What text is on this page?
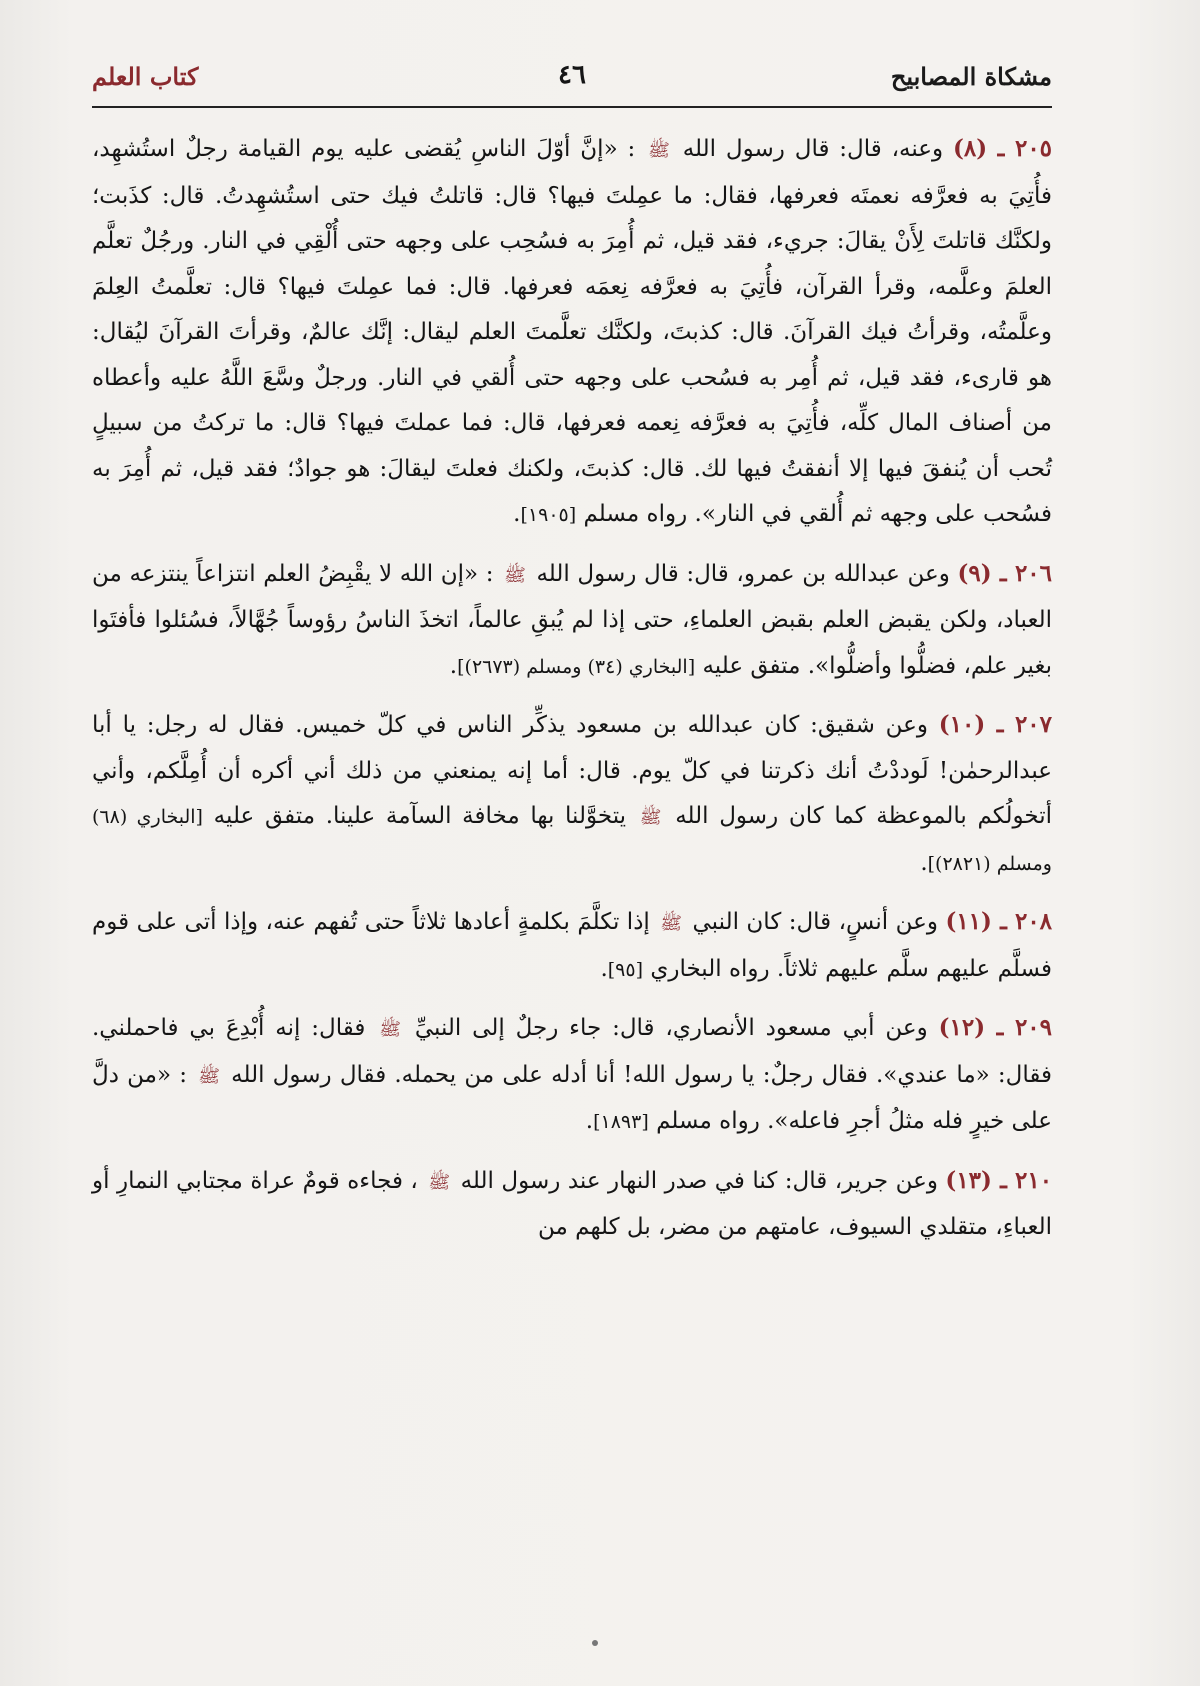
مشكاة المصابيح
٤٦
كتاب العلم

٢٠٥ ـ (٨) وعنه، قال: قال رسول الله ﷺ : «إنَّ أوّلَ الناسِ يُقضى عليه يوم القيامة رجلٌ استُشهِد، فأُتِيَ به فعرَّفه نعمتَه فعرفها، فقال: ما عمِلتَ فيها؟ قال: قاتلتُ فيك حتى استُشهِدتُ. قال: كذَبت؛ ولكنَّك قاتلتَ لِأَنْ يقالَ: جريء، فقد قيل، ثم أُمِرَ به فسُحِب على وجهه حتى أُلْقِي في النار. ورجُلٌ تعلَّم العلمَ وعلَّمه، وقرأ القرآن، فأُتِيَ به فعرَّفه نِعمَه فعرفها. قال: فما عمِلتَ فيها؟ قال: تعلَّمتُ العِلمَ وعلَّمتُه، وقرأتُ فيك القرآنَ. قال: كذبتَ، ولكنَّك تعلَّمتَ العلم ليقال: إنَّك عالمٌ، وقرأتَ القرآنَ ليُقال: هو قارىء، فقد قيل، ثم أُمِر به فسُحب على وجهه حتى أُلقي في النار. ورجلٌ وسَّعَ اللَّهُ عليه وأعطاه من أصناف المال كلِّه، فأُتِيَ به فعرَّفه نِعمه فعرفها، قال: فما عملتَ فيها؟ قال: ما تركتُ من سبيلٍ تُحب أن يُنفقَ فيها إلا أنفقتُ فيها لك. قال: كذبتَ، ولكنك فعلتَ ليقالَ: هو جوادٌ؛ فقد قيل، ثم أُمِرَ به فسُحب على وجهه ثم أُلقي في النار». رواه مسلم [١٩٠٥].

٢٠٦ ـ (٩) وعن عبدالله بن عمرو، قال: قال رسول الله ﷺ : «إن الله لا يقْبِضُ العلم انتزاعاً ينتزعه من العباد، ولكن يقبض العلم بقبض العلماءِ، حتى إذا لم يُبقِ عالماً، اتخذَ الناسُ رؤوساً جُهَّالاً، فسُئلوا فأفتَوا بغير علم، فضلُّوا وأضلُّوا». متفق عليه [البخاري (٣٤) ومسلم (٢٦٧٣)].

٢٠٧ ـ (١٠) وعن شقيق: كان عبدالله بن مسعود يذكِّر الناس في كلّ خميس. فقال له رجل: يا أبا عبدالرحمٰن! لَوددْتُ أنك ذكرتنا في كلّ يوم. قال: أما إنه يمنعني من ذلك أني أكره أن أُمِلَّكم، وأني أتخولُكم بالموعظة كما كان رسول الله ﷺ يتخوَّلنا بها مخافة السآمة علينا. متفق عليه [البخاري (٦٨) ومسلم (٢٨٢١)].

٢٠٨ ـ (١١) وعن أنسٍ، قال: كان النبي ﷺ إذا تكلَّمَ بكلمةٍ أعادها ثلاثاً حتى تُفهم عنه، وإذا أتى على قوم فسلَّم عليهم سلَّم عليهم ثلاثاً. رواه البخاري [٩٥].

٢٠٩ ـ (١٢) وعن أبي مسعود الأنصاري، قال: جاء رجلٌ إلى النبيِّ ﷺ فقال: إنه أُبْدِعَ بي فاحملني. فقال: «ما عندي». فقال رجلٌ: يا رسول الله! أنا أدله على من يحمله. فقال رسول الله ﷺ : «من دلَّ على خيرٍ فله مثلُ أجرِ فاعله». رواه مسلم [١٨٩٣].

٢١٠ ـ (١٣) وعن جرير، قال: كنا في صدر النهار عند رسول الله ﷺ ، فجاءه قومٌ عراة مجتابي النمارِ أو العباءِ، متقلدي السيوف، عامتهم من مضر، بل كلهم من
